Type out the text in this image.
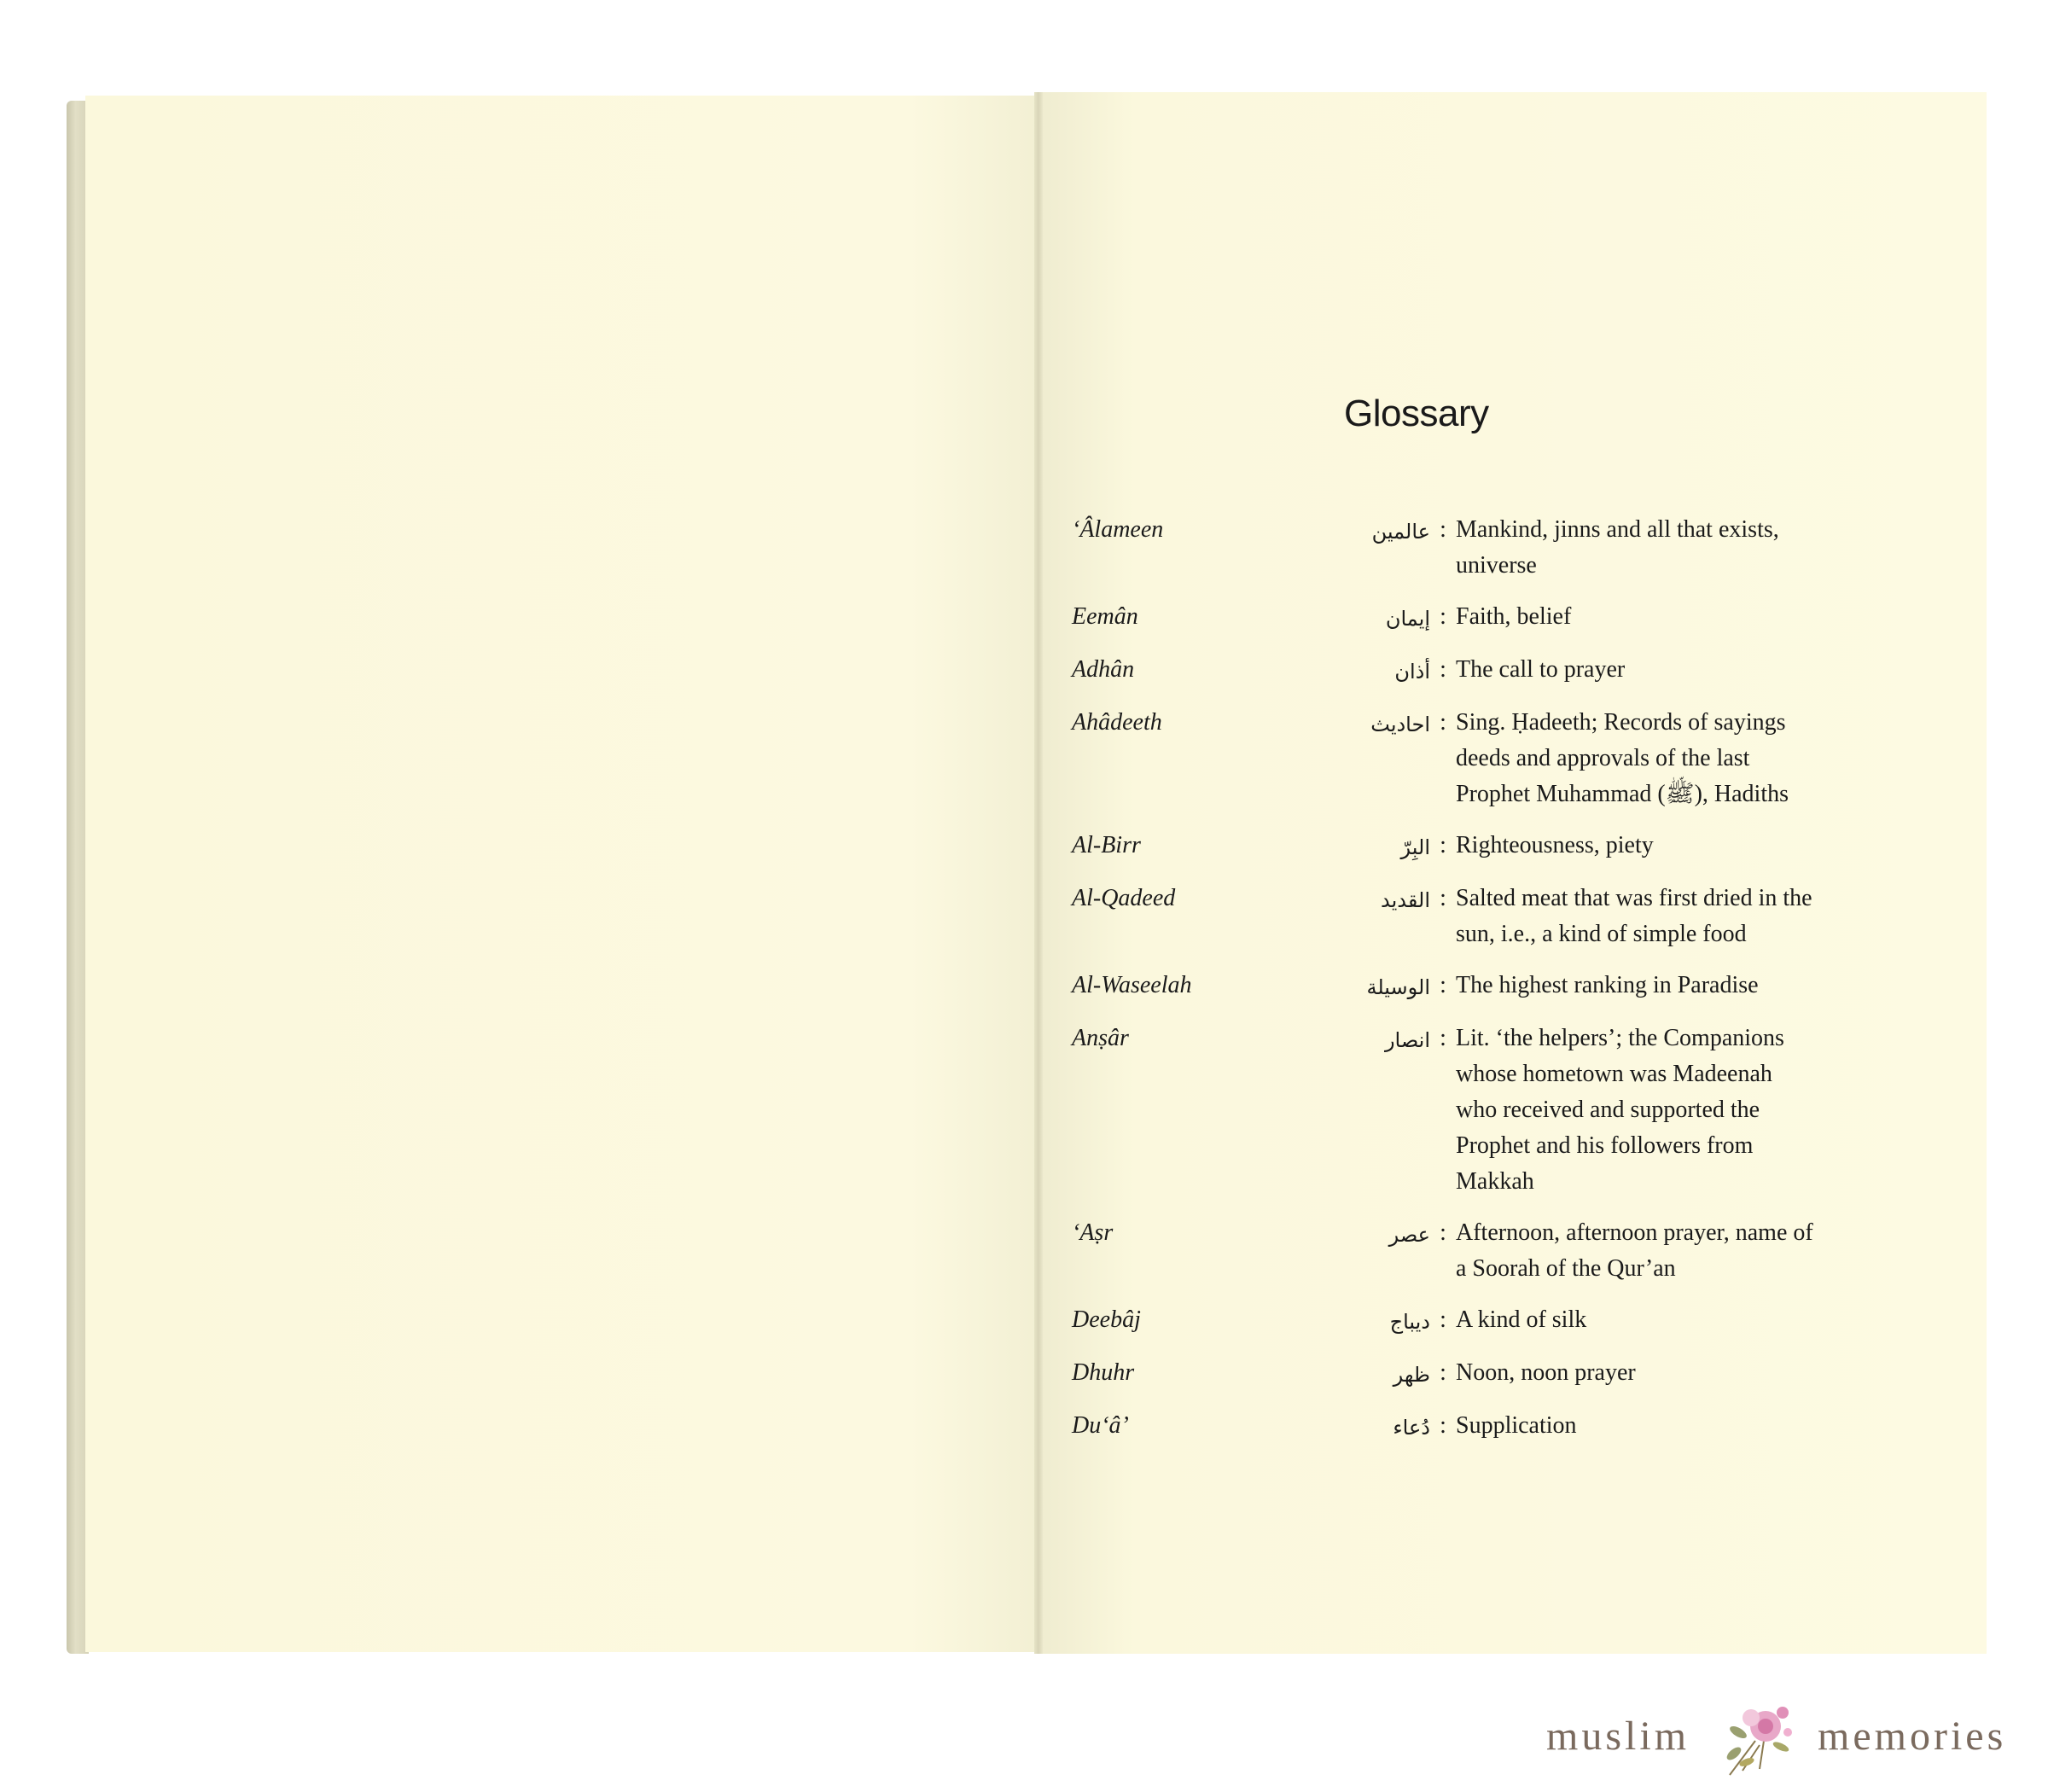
Glossary
‘Âlameen	عالمين : Mankind, jinns and all that exists, universe
Eemân	إيمان : Faith, belief
Adhân	أذان : The call to prayer
Ahâdeeth	احاديث : Sing. Ḥadeeth; Records of sayings deeds and approvals of the last Prophet Muhammad (ﷺ), Hadiths
Al-Birr	البِرّ : Righteousness, piety
Al-Qadeed	القديد : Salted meat that was first dried in the sun, i.e., a kind of simple food
Al-Waseelah	الوسيلة : The highest ranking in Paradise
Anṣâr	انصار : Lit. ‘the helpers’; the Companions whose hometown was Madeenah who received and supported the Prophet and his followers from Makkah
‘Aṣr	عصر : Afternoon, afternoon prayer, name of a Soorah of the Qur’an
Deebâj	ديباج : A kind of silk
Dhuhr	ظهر : Noon, noon prayer
Du‘â’	دُعاء : Supplication
muslim	memories
